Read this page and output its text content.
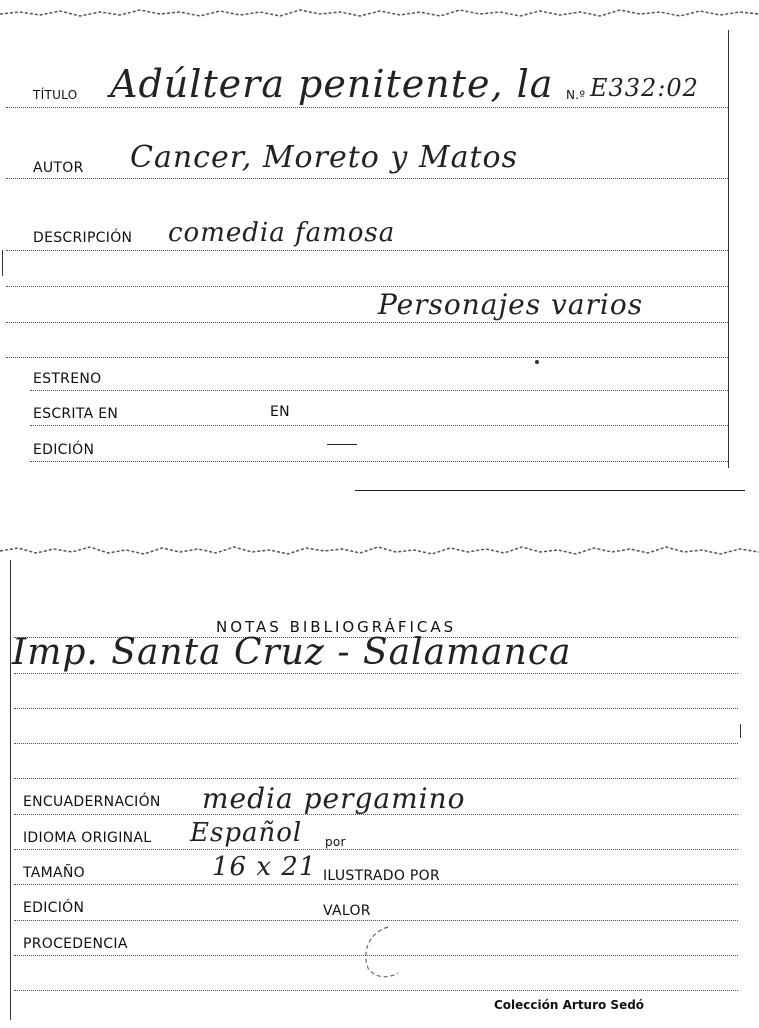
TÍTULO Adúltera penitente, la N.º E332:02
AUTOR Cancer, Moreto y Matos
DESCRIPCIÓN comedia famosa
Personajes varios
ESTRENO
ESCRITA EN	EN
EDICIÓN
NOTAS BIBLIOGRÁFICAS
Imp. Santa Cruz - Salamanca
ENCUADERNACIÓN media pergamino
IDIOMA ORIGINAL Español por
TAMAÑO	16 x 21 ILUSTRADO POR
EDICIÓN	VALOR
PROCEDENCIA
Colección Arturo Sedó
